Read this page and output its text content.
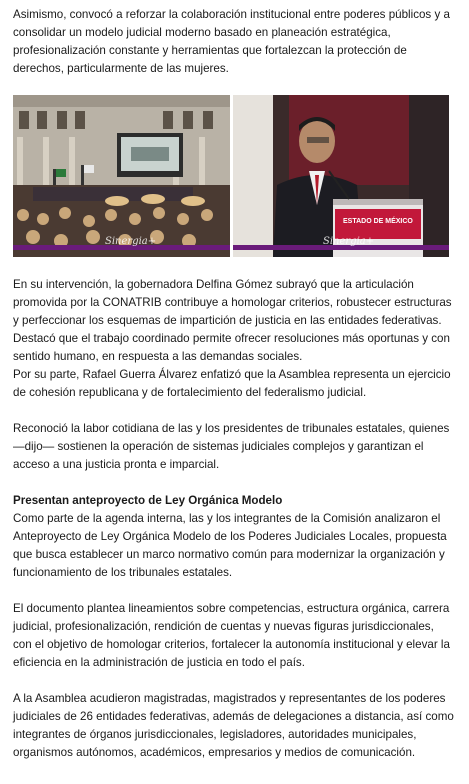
Asimismo, convocó a reforzar la colaboración institucional entre poderes públicos y a consolidar un modelo judicial moderno basado en planeación estratégica, profesionalización constante y herramientas que fortalezcan la protección de derechos, particularmente de las mujeres.

Sinergia+
ESTADO DE MÉXICO
Sinergia+

En su intervención, la gobernadora Delfina Gómez subrayó que la articulación promovida por la CONATRIB contribuye a homologar criterios, robustecer estructuras y perfeccionar los esquemas de impartición de justicia en las entidades federativas. Destacó que el trabajo coordinado permite ofrecer resoluciones más oportunas y con sentido humano, en respuesta a las demandas sociales.

Por su parte, Rafael Guerra Álvarez enfatizó que la Asamblea representa un ejercicio de cohesión republicana y de fortalecimiento del federalismo judicial.

Reconoció la labor cotidiana de las y los presidentes de tribunales estatales, quienes —dijo— sostienen la operación de sistemas judiciales complejos y garantizan el acceso a una justicia pronta e imparcial.

Presentan anteproyecto de Ley Orgánica Modelo

Como parte de la agenda interna, las y los integrantes de la Comisión analizaron el Anteproyecto de Ley Orgánica Modelo de los Poderes Judiciales Locales, propuesta que busca establecer un marco normativo común para modernizar la organización y funcionamiento de los tribunales estatales.

El documento plantea lineamientos sobre competencias, estructura orgánica, carrera judicial, profesionalización, rendición de cuentas y nuevas figuras jurisdiccionales, con el objetivo de homologar criterios, fortalecer la autonomía institucional y elevar la eficiencia en la administración de justicia en todo el país.

A la Asamblea acudieron magistradas, magistrados y representantes de los poderes judiciales de 26 entidades federativas, además de delegaciones a distancia, así como integrantes de órganos jurisdiccionales, legisladores, autoridades municipales, organismos autónomos, académicos, empresarios y medios de comunicación.
